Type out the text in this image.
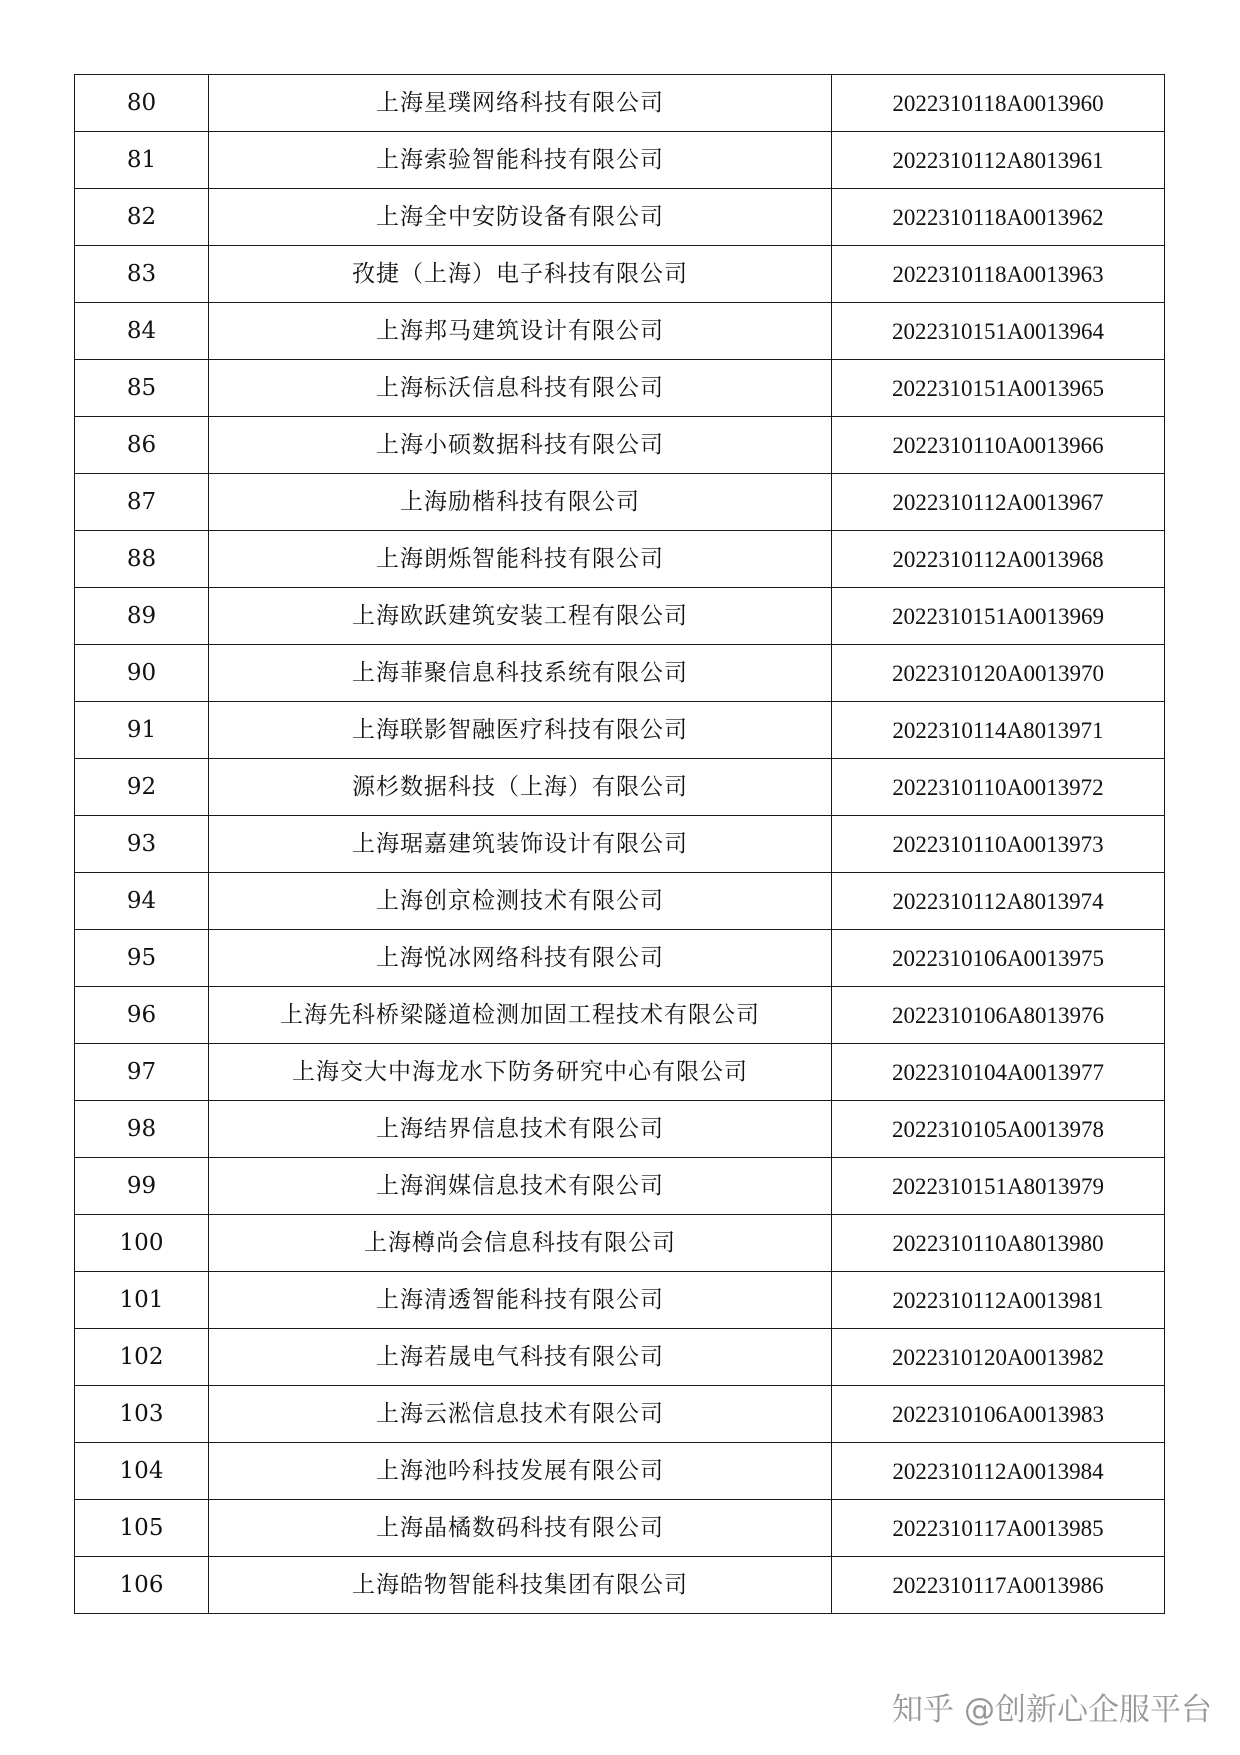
80	上海星璞网络科技有限公司	2022310118A0013960
81	上海索验智能科技有限公司	2022310112A8013961
82	上海全中安防设备有限公司	2022310118A0013962
83	孜捷（上海）电子科技有限公司	2022310118A0013963
84	上海邦马建筑设计有限公司	2022310151A0013964
85	上海标沃信息科技有限公司	2022310151A0013965
86	上海小硕数据科技有限公司	2022310110A0013966
87	上海励楷科技有限公司	2022310112A0013967
88	上海朗烁智能科技有限公司	2022310112A0013968
89	上海欧跃建筑安装工程有限公司	2022310151A0013969
90	上海菲聚信息科技系统有限公司	2022310120A0013970
91	上海联影智融医疗科技有限公司	2022310114A8013971
92	源杉数据科技（上海）有限公司	2022310110A0013972
93	上海琚嘉建筑装饰设计有限公司	2022310110A0013973
94	上海创京检测技术有限公司	2022310112A8013974
95	上海悦冰网络科技有限公司	2022310106A0013975
96	上海先科桥梁隧道检测加固工程技术有限公司	2022310106A8013976
97	上海交大中海龙水下防务研究中心有限公司	2022310104A0013977
98	上海结界信息技术有限公司	2022310105A0013978
99	上海润媒信息技术有限公司	2022310151A8013979
100	上海樽尚会信息科技有限公司	2022310110A8013980
101	上海清透智能科技有限公司	2022310112A0013981
102	上海若晟电气科技有限公司	2022310120A0013982
103	上海云淞信息技术有限公司	2022310106A0013983
104	上海池吟科技发展有限公司	2022310112A0013984
105	上海晶橘数码科技有限公司	2022310117A0013985
106	上海皓物智能科技集团有限公司	2022310117A0013986
知乎 @创新心企服平台
